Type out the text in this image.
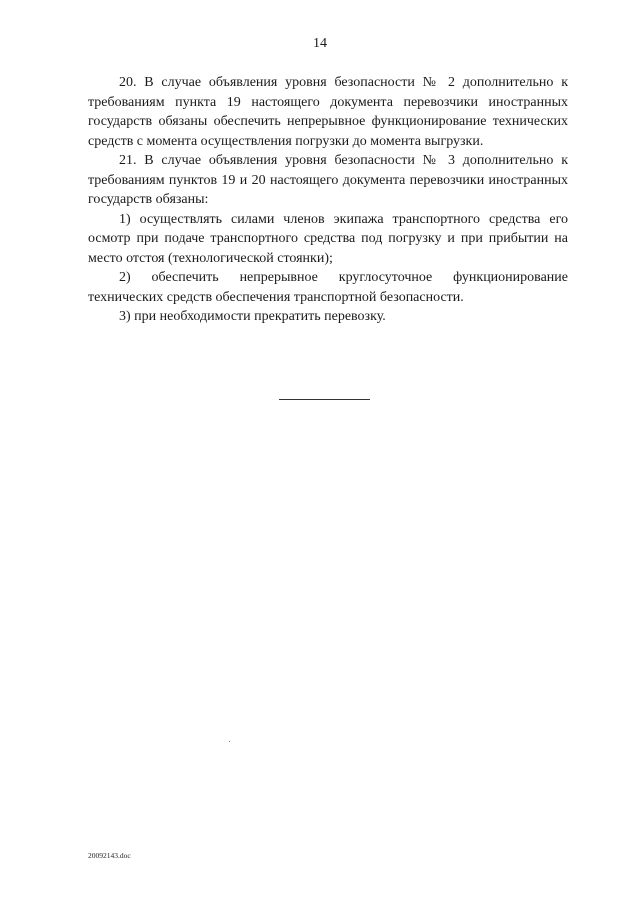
14

20. В случае объявления уровня безопасности № 2 дополнительно к требованиям пункта 19 настоящего документа перевозчики иностранных государств обязаны обеспечить непрерывное функционирование технических средств с момента осуществления погрузки до момента выгрузки.

21. В случае объявления уровня безопасности № 3 дополнительно к требованиям пунктов 19 и 20 настоящего документа перевозчики иностранных государств обязаны:

1) осуществлять силами членов экипажа транспортного средства его осмотр при подаче транспортного средства под погрузку и при прибытии на место отстоя (технологической стоянки);

2) обеспечить непрерывное круглосуточное функционирование технических средств обеспечения транспортной безопасности.

3) при необходимости прекратить перевозку.

20092143.doc
